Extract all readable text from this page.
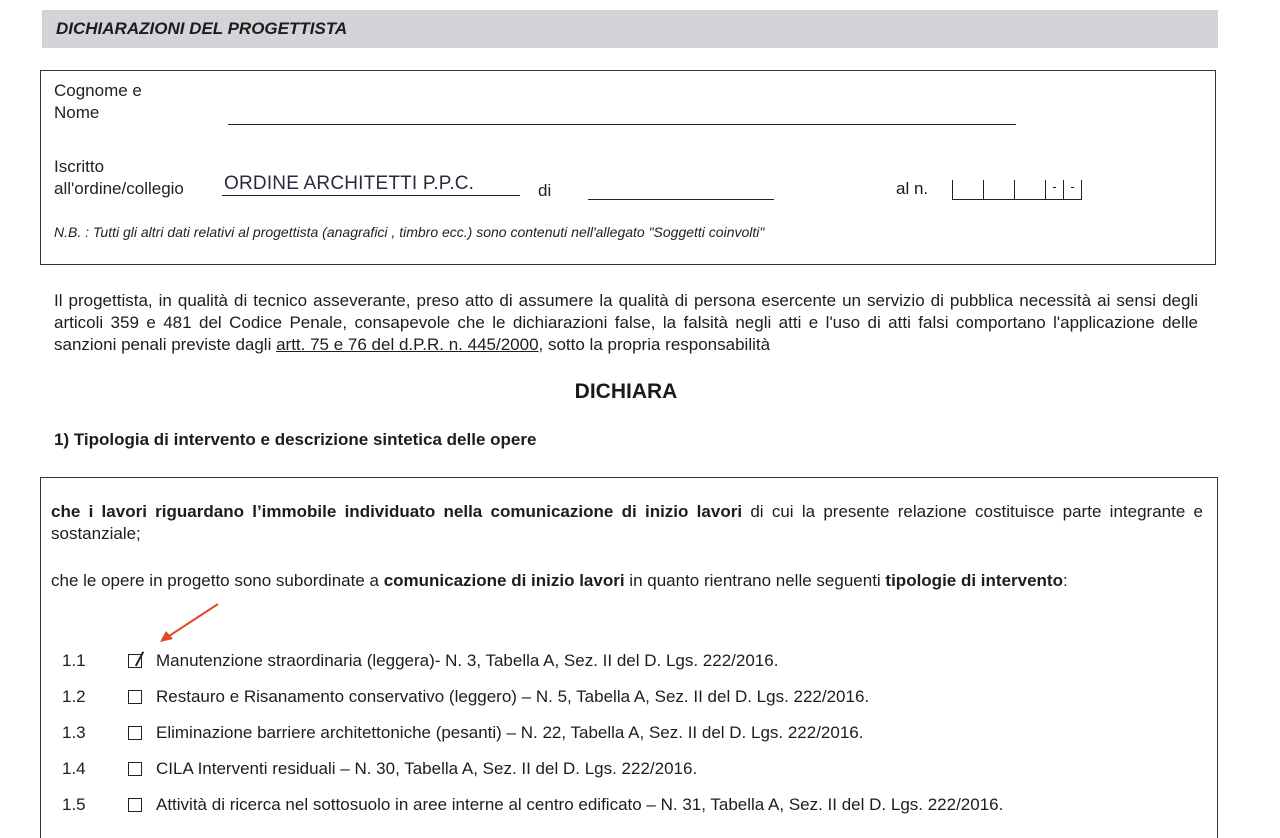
DICHIARAZIONI DEL PROGETTISTA
Cognome e
Nome
Iscritto
all'ordine/collegio ORDINE ARCHITETTI P.P.C.	di	al n.	-	-
N.B. : Tutti gli altri dati relativi al progettista (anagrafici , timbro ecc.) sono contenuti nell'allegato "Soggetti coinvolti"
Il progettista, in qualità di tecnico asseverante, preso atto di assumere la qualità di persona esercente un servizio di pubblica necessità ai sensi degli articoli 359 e 481 del Codice Penale, consapevole che le dichiarazioni false, la falsità negli atti e l'uso di atti falsi comportano l'applicazione delle sanzioni penali previste dagli artt. 75 e 76 del d.P.R. n. 445/2000, sotto la propria responsabilità
DICHIARA
1) Tipologia di intervento e descrizione sintetica delle opere
che i lavori riguardano l’immobile individuato nella comunicazione di inizio lavori di cui la presente relazione costituisce parte integrante e sostanziale;
che le opere in progetto sono subordinate a comunicazione di inizio lavori in quanto rientrano nelle seguenti tipologie di intervento:
1.1	Manutenzione straordinaria (leggera)- N. 3, Tabella A, Sez. II del D. Lgs. 222/2016.
1.2	Restauro e Risanamento conservativo (leggero) – N. 5, Tabella A, Sez. II del D. Lgs. 222/2016.
1.3	Eliminazione barriere architettoniche (pesanti) – N. 22, Tabella A, Sez. II del D. Lgs. 222/2016.
1.4	CILA Interventi residuali – N. 30, Tabella A, Sez. II del D. Lgs. 222/2016.
1.5	Attività di ricerca nel sottosuolo in aree interne al centro edificato – N. 31, Tabella A, Sez. II del D. Lgs. 222/2016.
